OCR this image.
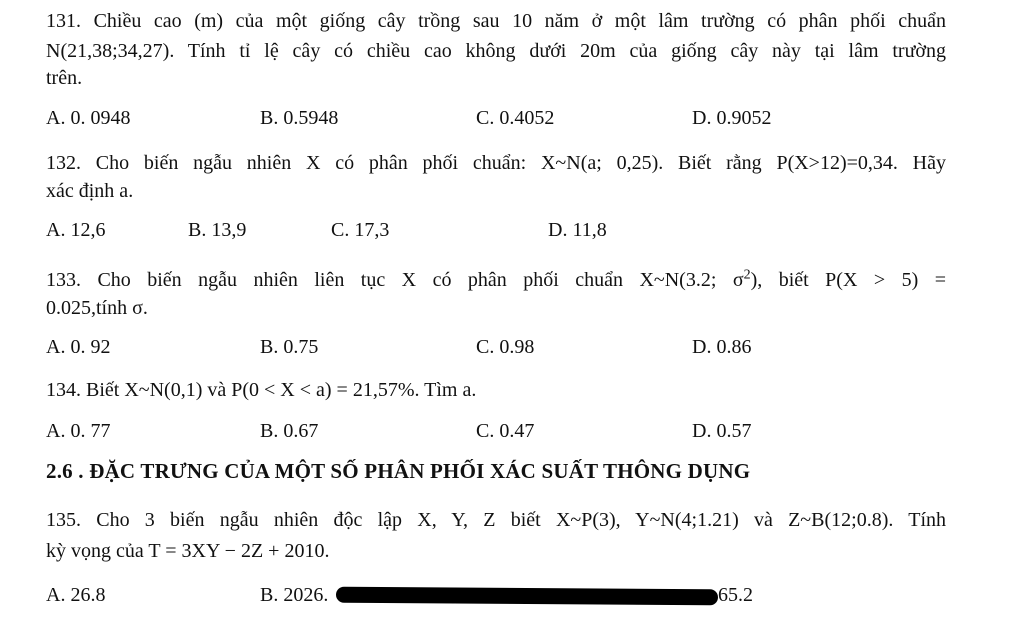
131. Chiều cao (m) của một giống cây trồng sau 10 năm ở một lâm trường có phân phối chuẩn
N(21,38;34,27). Tính tỉ lệ cây có chiều cao không dưới 20m của giống cây này tại lâm trường
trên.
A. 0. 0948	B. 0.5948	C. 0.4052	D. 0.9052
132. Cho biến ngẫu nhiên X có phân phối chuẩn: X~N(a; 0,25). Biết rằng P(X>12)=0,34. Hãy
xác định a.
A. 12,6	B. 13,9	C. 17,3	D. 11,8
133. Cho biến ngẫu nhiên liên tục X có phân phối chuẩn X~N(3.2; $\sigma^2$), biết P(X > 5) =
0.025,tính σ.
A. 0. 92	B. 0.75	C. 0.98	D. 0.86
134. Biết X~N(0,1) và P(0 < X < a) = 21,57%. Tìm a.
A. 0. 77	B. 0.67	C. 0.47	D. 0.57
2.6 . ĐẶC TRƯNG CỦA MỘT SỐ PHÂN PHỐI XÁC SUẤT THÔNG DỤNG
135. Cho 3 biến ngẫu nhiên độc lập X, Y, Z biết X~P(3), Y~N(4;1.21) và Z~B(12;0.8). Tính
kỳ vọng của T = 3XY − 2Z + 2010.
A. 26.8	B. 2026.	65.2
